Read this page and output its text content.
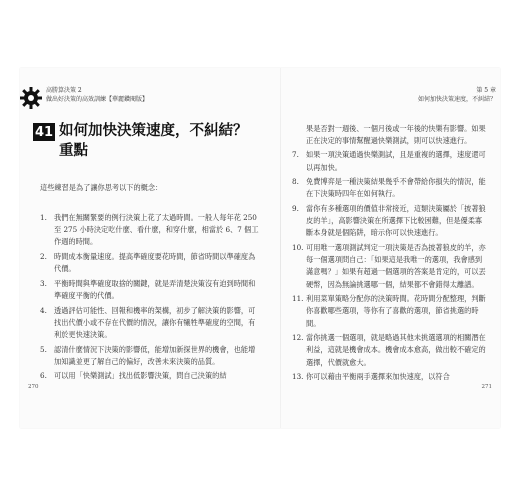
高勝算決策 2
做出好決策的高效訓練【華麗鑽閱版】
第 5 章
如何加快決策速度，不糾結？
41 如何加快決策速度，不糾結？重點
這些練習是為了讓你思考以下的概念：
1. 我們在無關緊要的例行決策上花了太過時間。一般人每年花 250 至 275 小時決定吃什麼、看什麼，和穿什麼，相當於 6、7 個工作週的時間。
2. 時間成本衡量速度。提高準確度要花時間，節省時間以準確度為代價。
3. 平衡時間與準確度取捨的關鍵，就是弄清楚決策沒有迫到時間和準確度平衡的代價。
4. 透過評估可能性、回報和機率的架構，初步了解決策的影響，可找出代價小或不存在代價的情況，讓你有犧牲準確度的空間，有利於更快速決策。
5. 認清什麼情況下決策的影響低，能增加新探世界的機會，也能增加知識並更了解自己的偏好，改善未來決策的品質。
6. 可以用「快樂測試」找出低影響決策，問自己決策的結
果是否對一週後、一個月後或一年後的快樂有影響。如果正在決定的事情幫醒過快樂測試，則可以快速進行。
7. 如果一項決策通過快樂測試，且是重複的選擇，速度還可以再加快。
8. 免費博弈是一種決策結果幾乎不會帶給你損失的情況，能在下決策時四年在如何執行。
9. 當你有多種選項的價值非常接近，這類決策屬於「披著狼皮的羊」，高影響決策在所選擇下比較困難，但是優柔寡斷本身就是個陷阱，暗示你可以快速進行。
10. 可用唯一選項測試判定一項決策是否為披著狼皮的羊，亦每一個選項問自己：「如果這是我唯一的選項，我會感到滿意嗎？」如果有超過一個選項的答案是肯定的，可以丟硬幣，因為無論挑選哪一個，結果都不會錯得太離譜。
11. 利用菜單策略分配你的決策時間。花時間分配整理，判斷你喜歡哪些選項，等你有了喜歡的選項，節省挑選的時間。
12. 當你挑選一個選項，就是略過其他未挑選選項的相關潛在利益，這就是機會成本。機會成本愈高，做出較不確定的選擇，代價就愈大。
13. 你可以藉由平衡兩手選擇來加快速度，以符合
270	271
